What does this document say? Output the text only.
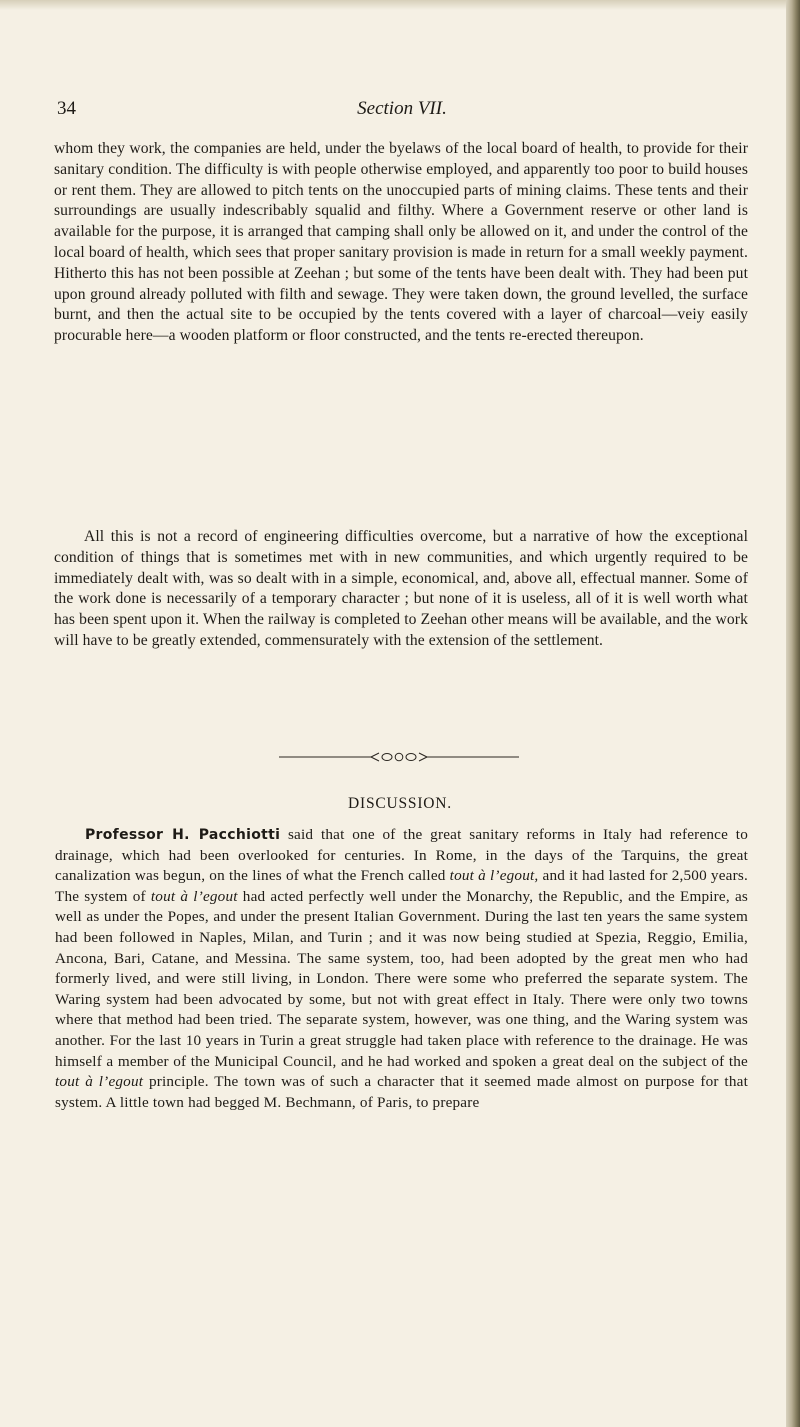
34	Section VII.

whom they work, the companies are held, under the byelaws of the local board of health, to provide for their sanitary condition. The difficulty is with people otherwise employed, and apparently too poor to build houses or rent them. They are allowed to pitch tents on the unoccupied parts of mining claims. These tents and their surroundings are usually indescribably squalid and filthy. Where a Government reserve or other land is available for the purpose, it is arranged that camping shall only be allowed on it, and under the control of the local board of health, which sees that proper sanitary provision is made in return for a small weekly payment. Hitherto this has not been possible at Zeehan ; but some of the tents have been dealt with. They had been put upon ground already polluted with filth and sewage. They were taken down, the ground levelled, the surface burnt, and then the actual site to be occupied by the tents covered with a layer of charcoal—veiy easily procurable here—a wooden platform or floor constructed, and the tents re-erected thereupon.

All this is not a record of engineering difficulties overcome, but a narrative of how the exceptional condition of things that is sometimes met with in new communities, and which urgently required to be immediately dealt with, was so dealt with in a simple, economical, and, above all, effectual manner. Some of the work done is necessarily of a temporary character ; but none of it is useless, all of it is well worth what has been spent upon it. When the railway is completed to Zeehan other means will be available, and the work will have to be greatly extended, commensurately with the extension of the settlement.

DISCUSSION.

Professor H. Pacchiotti said that one of the great sanitary reforms in Italy had reference to drainage, which had been overlooked for centuries. In Rome, in the days of the Tarquins, the great canalization was begun, on the lines of what the French called tout à l’egout, and it had lasted for 2,500 years. The system of tout à l’egout had acted perfectly well under the Monarchy, the Republic, and the Empire, as well as under the Popes, and under the present Italian Government. During the last ten years the same system had been followed in Naples, Milan, and Turin ; and it was now being studied at Spezia, Reggio, Emilia, Ancona, Bari, Catane, and Messina. The same system, too, had been adopted by the great men who had formerly lived, and were still living, in London. There were some who preferred the separate system. The Waring system had been advocated by some, but not with great effect in Italy. There were only two towns where that method had been tried. The separate system, however, was one thing, and the Waring system was another. For the last 10 years in Turin a great struggle had taken place with reference to the drainage. He was himself a member of the Municipal Council, and he had worked and spoken a great deal on the subject of the tout à l’egout principle. The town was of such a character that it seemed made almost on purpose for that system. A little town had begged M. Bechmann, of Paris, to prepare
